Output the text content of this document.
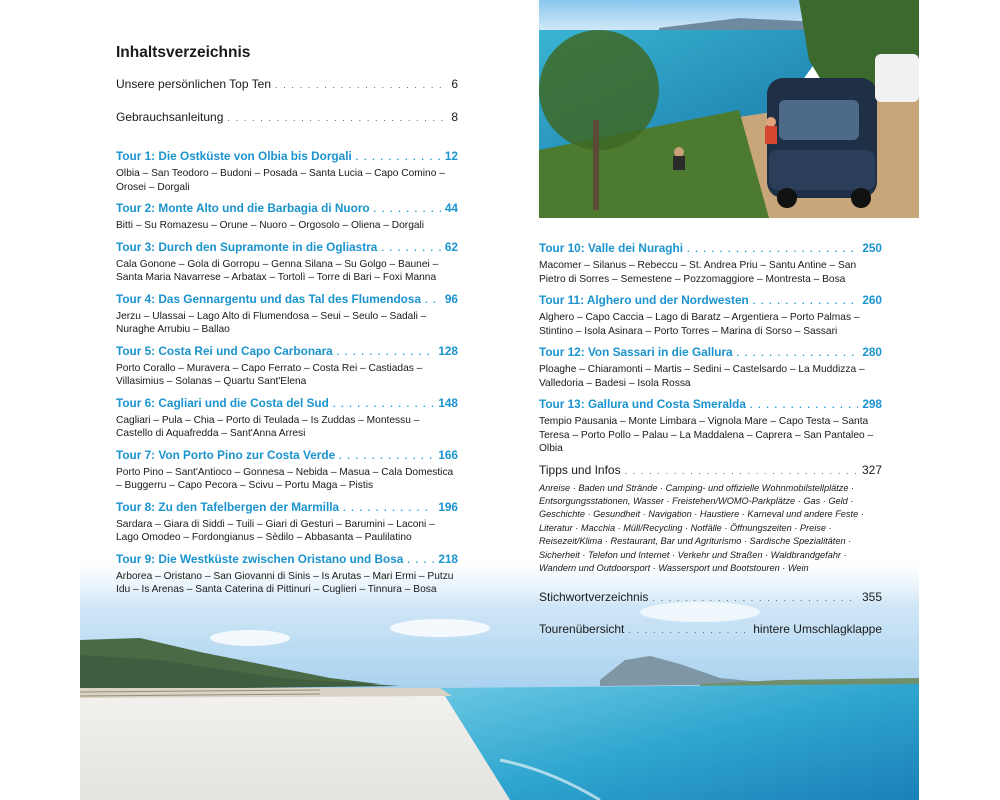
Inhaltsverzeichnis
Unsere persönlichen Top Ten . . .	6
Gebrauchsanleitung . . .	8
Tour 1: Die Ostküste von Olbia bis Dorgali . . .	12
Olbia – San Teodoro – Budoni – Posada – Santa Lucia – Capo Comino – Orosei – Dorgali
Tour 2: Monte Alto und die Barbagia di Nuoro . . .	44
Bitti – Su Romazesu – Orune – Nuoro – Orgosolo – Oliena – Dorgali
Tour 3: Durch den Supramonte in die Ogliastra . . .	62
Cala Gonone – Gola di Gorropu – Genna Silana – Su Golgo – Baunei – Santa Maria Navarrese – Arbatax – Tortolì – Torre di Bari – Foxi Manna
Tour 4: Das Gennargentu und das Tal des Flumendosa . . . 96
Jerzu – Ulassai – Lago Alto di Flumendosa – Seui – Seulo – Sadali – Nuraghe Arrubiu – Ballao
Tour 5: Costa Rei und Capo Carbonara . . .	128
Porto Corallo – Muravera – Capo Ferrato – Costa Rei – Castiadas – Villasimius – Solanas – Quartu Sant'Elena
Tour 6: Cagliari und die Costa del Sud . . .	148
Cagliari – Pula – Chia – Porto di Teulada – Is Zuddas – Montessu – Castello di Aquafredda – Sant'Anna Arresi
Tour 7: Von Porto Pino zur Costa Verde . . .	166
Porto Pino – Sant'Antioco – Gonnesa – Nebida – Masua – Cala Domestica – Buggerru – Capo Pecora – Scivu – Portu Maga – Pistis
Tour 8: Zu den Tafelbergen der Marmilla . . .	196
Sardara – Giara di Siddi – Tuili – Giari di Gesturi – Barumini – Laconi – Lago Omodeo – Fordongianus – Sèdilo – Abbasanta – Paulilatino
Tour 9: Die Westküste zwischen Oristano und Bosa . . .	218
Arborea – Oristano – San Giovanni di Sinis – Is Arutas – Mari Ermi – Putzu Idu – Is Arenas – Santa Caterina di Pittinuri – Cuglieri – Tinnura – Bosa
Tour 10: Valle dei Nuraghi . . .	250
Macomer – Silanus – Rebeccu – St. Andrea Priu – Santu Antine – San Pietro di Sorres – Semestene – Pozzomaggiore – Montresta – Bosa
Tour 11: Alghero und der Nordwesten . . .	260
Alghero – Capo Caccia – Lago di Baratz – Argentiera – Porto Palmas – Stintino – Isola Asinara – Porto Torres – Marina di Sorso – Sassari
Tour 12: Von Sassari in die Gallura . . .	280
Ploaghe – Chiaramonti – Martis – Sedini – Castelsardo – La Muddizza – Valledoria – Badesi – Isola Rossa
Tour 13: Gallura und Costa Smeralda . . .	298
Tempio Pausania – Monte Limbara – Vignola Mare – Capo Testa – Santa Teresa – Porto Pollo – Palau – La Maddalena – Caprera – San Pantaleo – Olbia
Tipps und Infos . . .	327
Anreise · Baden und Strände · Camping- und offizielle Wohnmobilstellplätze · Entsorgungsstationen, Wasser · Freistehen/WOMO-Parkplätze · Gas · Geld · Geschichte · Gesundheit · Navigation · Haustiere · Karneval und andere Feste · Literatur · Macchia · Müll/Recycling · Notfälle · Öffnungszeiten · Preise · Reisezeit/Klima · Restaurant, Bar und Agriturismo · Sardische Spezialitäten · Sicherheit · Telefon und Internet · Verkehr und Straßen · Waldbrandgefahr · Wandern und Outdoorsport · Wassersport und Bootstouren · Wein
Stichwortverzeichnis . . .	355
Tourenübersicht . . .	hintere Umschlagklappe
